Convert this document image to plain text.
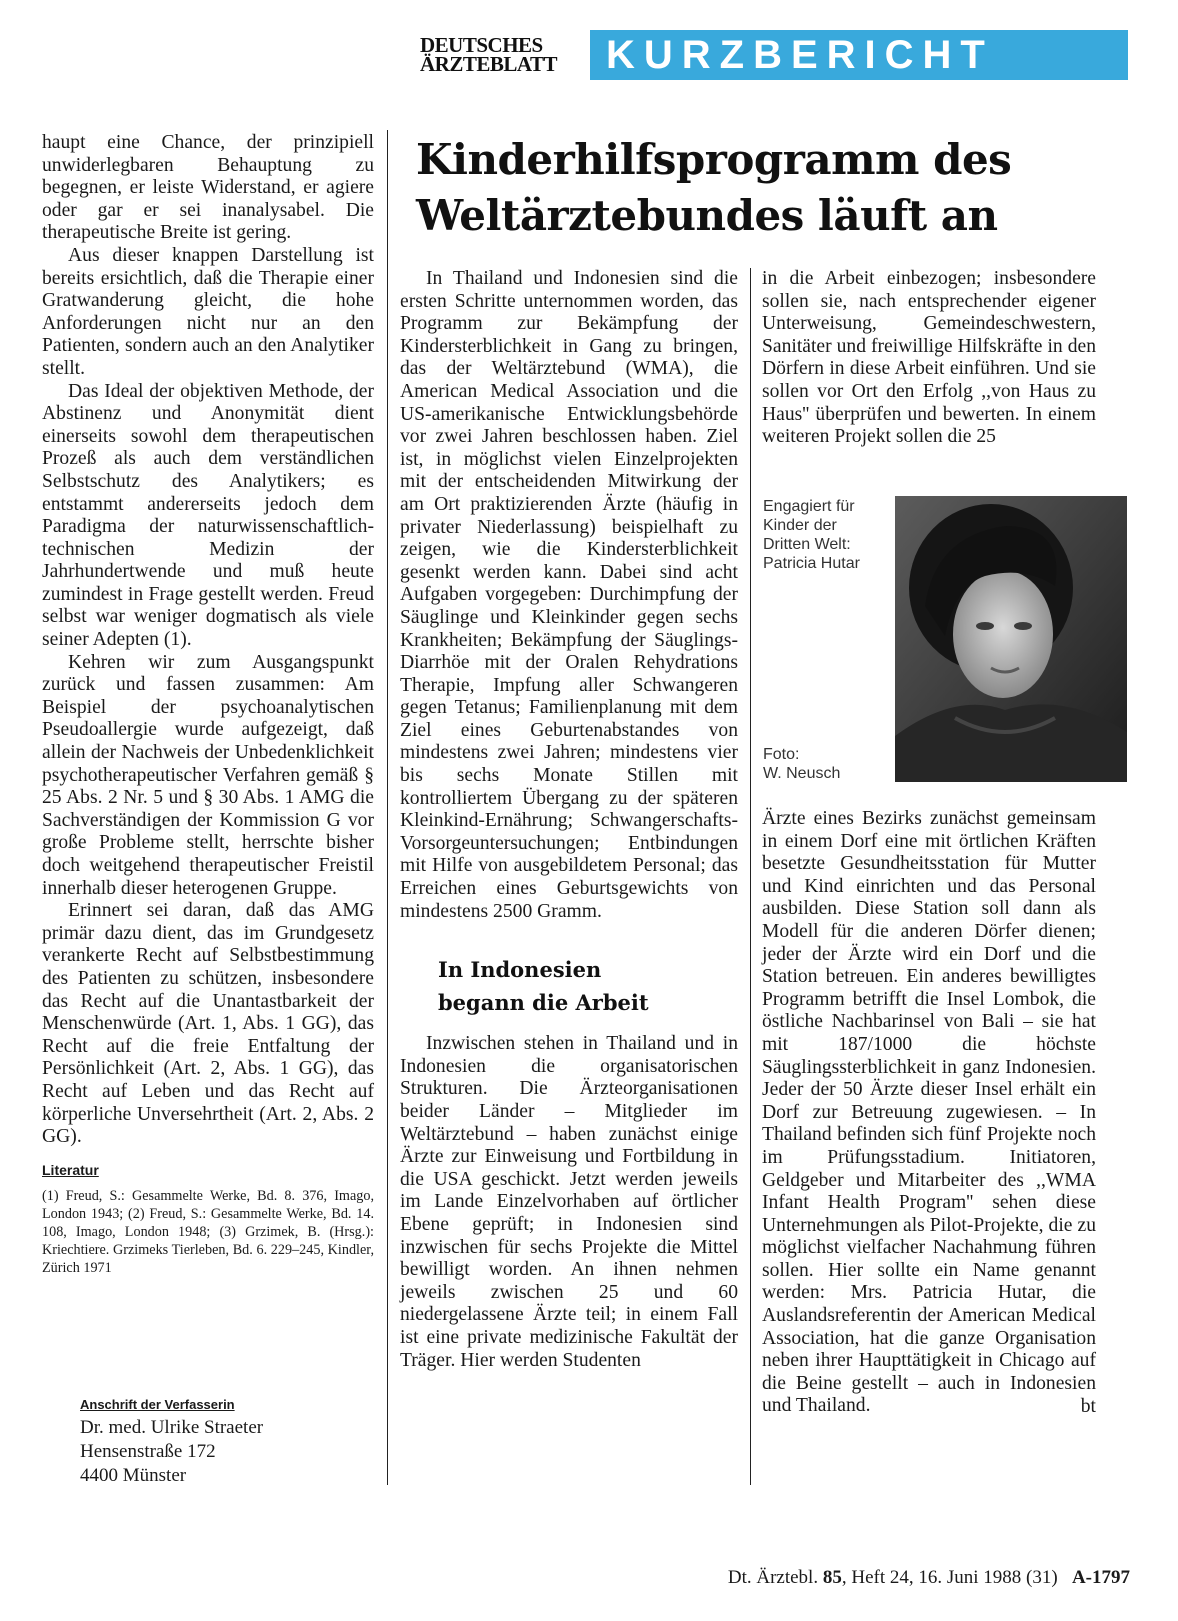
DEUTSCHES
ÄRZTEBLATT	KURZBERICHT

haupt eine Chance, der prinzipiell unwiderlegbaren Behauptung zu begegnen, er leiste Widerstand, er agiere oder gar er sei inanalysabel. Die therapeutische Breite ist gering.

Aus dieser knappen Darstellung ist bereits ersichtlich, daß die Therapie einer Gratwanderung gleicht, die hohe Anforderungen nicht nur an den Patienten, sondern auch an den Analytiker stellt.

Das Ideal der objektiven Methode, der Abstinenz und Anonymität dient einerseits sowohl dem therapeutischen Prozeß als auch dem verständlichen Selbstschutz des Analytikers; es entstammt andererseits jedoch dem Paradigma der naturwissenschaftlich-technischen Medizin der Jahrhundertwende und muß heute zumindest in Frage gestellt werden. Freud selbst war weniger dogmatisch als viele seiner Adepten (1).

Kehren wir zum Ausgangspunkt zurück und fassen zusammen: Am Beispiel der psychoanalytischen Pseudoallergie wurde aufgezeigt, daß allein der Nachweis der Unbedenklichkeit psychotherapeutischer Verfahren gemäß § 25 Abs. 2 Nr. 5 und § 30 Abs. 1 AMG die Sachverständigen der Kommission G vor große Probleme stellt, herrschte bisher doch weitgehend therapeutischer Freistil innerhalb dieser heterogenen Gruppe.

Erinnert sei daran, daß das AMG primär dazu dient, das im Grundgesetz verankerte Recht auf Selbstbestimmung des Patienten zu schützen, insbesondere das Recht auf die Unantastbarkeit der Menschenwürde (Art. 1, Abs. 1 GG), das Recht auf die freie Entfaltung der Persönlichkeit (Art. 2, Abs. 1 GG), das Recht auf Leben und das Recht auf körperliche Unversehrtheit (Art. 2, Abs. 2 GG).

Literatur
(1) Freud, S.: Gesammelte Werke, Bd. 8. 376, Imago, London 1943; (2) Freud, S.: Gesammelte Werke, Bd. 14. 108, Imago, London 1948; (3) Grzimek, B. (Hrsg.): Kriechtiere. Grzimeks Tierleben, Bd. 6. 229–245, Kindler, Zürich 1971
Anschrift der Verfasserin
Dr. med. Ulrike Straeter
Hensenstraße 172
4400 Münster
Kinderhilfsprogramm des
Weltärztebundes läuft an

In Thailand und Indonesien sind die ersten Schritte unternommen worden, das Programm zur Bekämpfung der Kindersterblichkeit in Gang zu bringen, das der Weltärztebund (WMA), die American Medical Association und die US-amerikanische Entwicklungsbehörde vor zwei Jahren beschlossen haben. Ziel ist, in möglichst vielen Einzelprojekten mit der entscheidenden Mitwirkung der am Ort praktizierenden Ärzte (häufig in privater Niederlassung) beispielhaft zu zeigen, wie die Kindersterblichkeit gesenkt werden kann. Dabei sind acht Aufgaben vorgegeben: Durchimpfung der Säuglinge und Kleinkinder gegen sechs Krankheiten; Bekämpfung der Säuglings-Diarrhöe mit der Oralen Rehydrations Therapie, Impfung aller Schwangeren gegen Tetanus; Familienplanung mit dem Ziel eines Geburtenabstandes von mindestens zwei Jahren; mindestens vier bis sechs Monate Stillen mit kontrolliertem Übergang zu der späteren Kleinkind-Ernährung; Schwangerschafts-Vorsorgeuntersuchungen; Entbindungen mit Hilfe von ausgebildetem Personal; das Erreichen eines Geburtsgewichts von mindestens 2500 Gramm.

In Indonesien
begann die Arbeit

Inzwischen stehen in Thailand und in Indonesien die organisatorischen Strukturen. Die Ärzteorganisationen beider Länder – Mitglieder im Weltärztebund – haben zunächst einige Ärzte zur Einweisung und Fortbildung in die USA geschickt. Jetzt werden jeweils im Lande Einzelvorhaben auf örtlicher Ebene geprüft; in Indonesien sind inzwischen für sechs Projekte die Mittel bewilligt worden. An ihnen nehmen jeweils zwischen 25 und 60 niedergelassene Ärzte teil; in einem Fall ist eine private medizinische Fakultät der Träger. Hier werden Studenten

in die Arbeit einbezogen; insbesondere sollen sie, nach entsprechender eigener Unterweisung, Gemeindeschwestern, Sanitäter und freiwillige Hilfskräfte in den Dörfern in diese Arbeit einführen. Und sie sollen vor Ort den Erfolg ,,von Haus zu Haus'' überprüfen und bewerten. In einem weiteren Projekt sollen die 25

Engagiert für Kinder der Dritten Welt: Patricia Hutar
Foto:
W. Neusch

Ärzte eines Bezirks zunächst gemeinsam in einem Dorf eine mit örtlichen Kräften besetzte Gesundheitsstation für Mutter und Kind einrichten und das Personal ausbilden. Diese Station soll dann als Modell für die anderen Dörfer dienen; jeder der Ärzte wird ein Dorf und die Station betreuen. Ein anderes bewilligtes Programm betrifft die Insel Lombok, die östliche Nachbarinsel von Bali – sie hat mit 187/1000 die höchste Säuglingssterblichkeit in ganz Indonesien. Jeder der 50 Ärzte dieser Insel erhält ein Dorf zur Betreuung zugewiesen. – In Thailand befinden sich fünf Projekte noch im Prüfungsstadium. Initiatoren, Geldgeber und Mitarbeiter des ,,WMA Infant Health Program'' sehen diese Unternehmungen als Pilot-Projekte, die zu möglichst vielfacher Nachahmung führen sollen. Hier sollte ein Name genannt werden: Mrs. Patricia Hutar, die Auslandsreferentin der American Medical Association, hat die ganze Organisation neben ihrer Haupttätigkeit in Chicago auf die Beine gestellt – auch in Indonesien und Thailand.	bt
Dt. Ärztebl. 85, Heft 24, 16. Juni 1988 (31) A-1797
